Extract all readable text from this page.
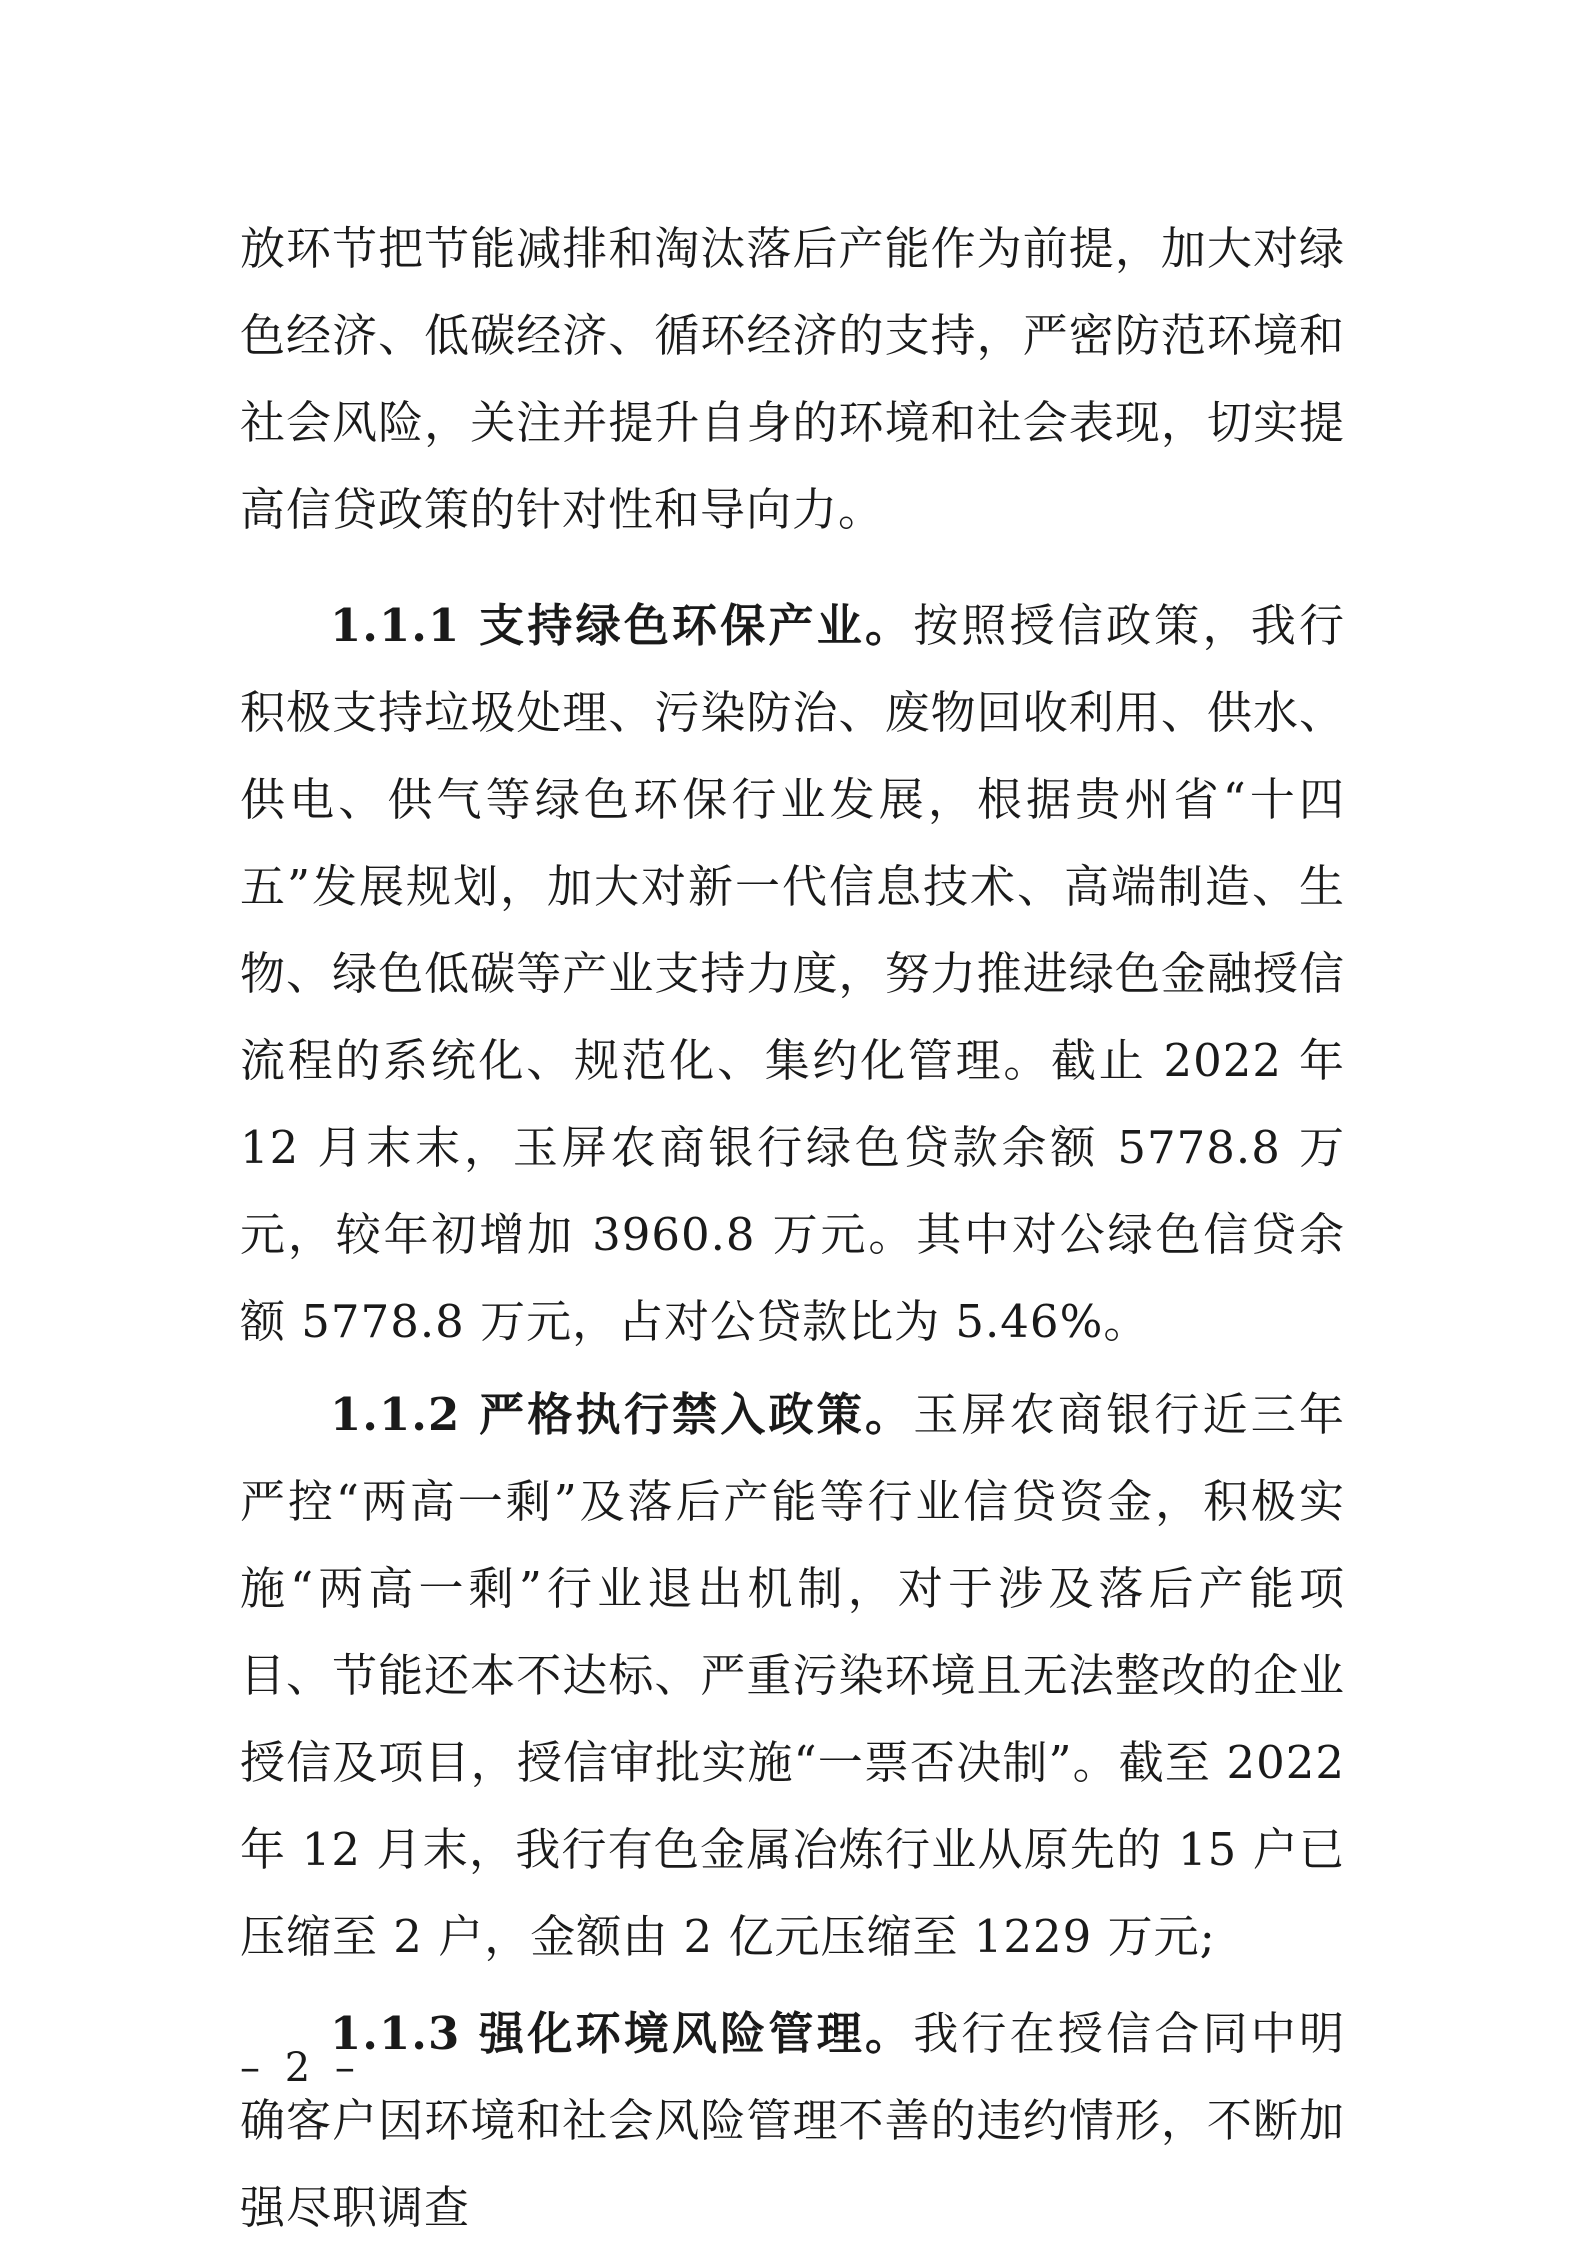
放环节把节能减排和淘汰落后产能作为前提，加大对绿色经济、低碳经济、循环经济的支持，严密防范环境和社会风险，关注并提升自身的环境和社会表现，切实提高信贷政策的针对性和导向力。

1.1.1 支持绿色环保产业。按照授信政策，我行积极支持垃圾处理、污染防治、废物回收利用、供水、供电、供气等绿色环保行业发展，根据贵州省“十四五”发展规划，加大对新一代信息技术、高端制造、生物、绿色低碳等产业支持力度，努力推进绿色金融授信流程的系统化、规范化、集约化管理。截止 2022 年 12 月末末，玉屏农商银行绿色贷款余额 5778.8 万元，较年初增加 3960.8 万元。其中对公绿色信贷余额 5778.8 万元，占对公贷款比为 5.46%。

1.1.2 严格执行禁入政策。玉屏农商银行近三年严控“两高一剩”及落后产能等行业信贷资金，积极实施“两高一剩”行业退出机制，对于涉及落后产能项目、节能还本不达标、严重污染环境且无法整改的企业授信及项目，授信审批实施“一票否决制”。截至 2022 年 12 月末，我行有色金属冶炼行业从原先的 15 户已压缩至 2 户，金额由 2 亿元压缩至 1229 万元;

1.1.3 强化环境风险管理。我行在授信合同中明确客户因环境和社会风险管理不善的违约情形，不断加强尽职调查

– 2 –
